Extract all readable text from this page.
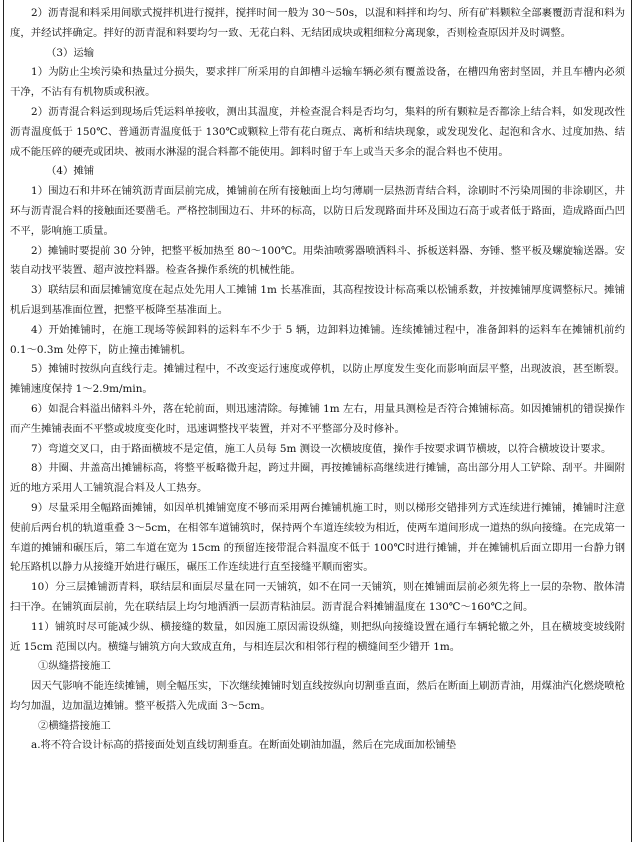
2）沥青混和料采用间歇式搅拌机进行搅拌，搅拌时间一般为 30～50s，以混和料拌和均匀、所有矿料颗粒全部裹覆沥青混和料为度，并经试拌确定。拌好的沥青混和料要均匀一致、无花白料、无结团成块或粗细粒分离现象，否则检查原因并及时调整。

（3）运输

1）为防止尘埃污染和热量过分损失，要求拌厂所采用的自卸槽斗运输车辆必须有覆盖设备，在槽四角密封坚固，并且车槽内必须干净，不沾有有机物质或积液。

2）沥青混合料运到现场后凭运料单接收，测出其温度，并检查混合料是否均匀，集料的所有颗粒是否都涂上结合料，如发现改性沥青温度低于 150℃、普通沥青温度低于 130℃或颗粒上带有花白斑点、离析和结块现象，或发现发化、起泡和含水、过度加热、结成不能压碎的硬壳或团块、被雨水淋湿的混合料都不能使用。卸料时留于车上或当天多余的混合料也不使用。

（4）摊铺

1）围边石和井环在铺筑沥青面层前完成，摊铺前在所有接触面上均匀薄刷一层热沥青结合料，涂刷时不污染周围的非涂刷区，井环与沥青混合料的接触面还要凿毛。严格控制围边石、井环的标高，以防日后发现路面井环及围边石高于或者低于路面，造成路面凸凹不平，影响施工质量。

2）摊铺时要提前 30 分钟，把整平板加热至 80～100℃。用柴油喷雾器喷洒料斗、拆板送料器、夯锤、整平板及螺旋输送器。安装自动找平装置、超声波控料器。检查各操作系统的机械性能。

3）联结层和面层摊铺宽度在起点处先用人工摊铺 1m 长基准面，其高程按设计标高乘以松铺系数，并按摊铺厚度调整标尺。摊铺机后退到基准面位置，把整平板降至基准面上。

4）开始摊铺时，在施工现场等候卸料的运料车不少于 5 辆，边卸料边摊铺。连续摊铺过程中，准备卸料的运料车在摊铺机前约 0.1～0.3m 处停下，防止撞击摊铺机。

5）摊铺时按纵向直线行走。摊铺过程中，不改变运行速度或停机，以防止厚度发生变化而影响面层平整，出现波浪，甚至断裂。摊铺速度保持 1～2.9m/min。

6）如混合料溢出储料斗外，落在轮前面，则迅速清除。每摊铺 1m 左右，用量具测检是否符合摊铺标高。如因摊铺机的错误操作而产生摊铺表面不平整或坡度变化时，迅速调整找平装置，并对不平整部分及时修补。

7）弯道交叉口，由于路面横坡不是定值，施工人员每 5m 测设一次横坡度值，操作手按要求调节横坡，以符合横坡设计要求。

8）井圈、井盖高出摊铺标高，将整平板略微升起，跨过井圈，再按摊铺标高继续进行摊铺，高出部分用人工铲除、刮平。井圈附近的地方采用人工铺筑混合料及人工热夯。

9）尽量采用全幅路面摊铺，如因单机摊铺宽度不够而采用两台摊铺机施工时，则以梯形交错排列方式连续进行摊铺，摊铺时注意使前后两台机的轨道重叠 3～5cm，在相邻车道铺筑时，保持两个车道连续较为相近，使两车道间形成一道热的纵向接缝。在完成第一车道的摊铺和碾压后，第二车道在宽为 15cm 的预留连接带混合料温度不低于 100℃时进行摊铺，并在摊铺机后面立即用一台静力钢轮压路机以静力从接缝开始进行碾压，碾压工作连续进行直至接缝平顺而密实。

10）分三层摊铺沥青料，联结层和面层尽量在同一天铺筑，如不在同一天铺筑，则在摊铺面层前必须先将上一层的杂物、散体清扫干净。在铺筑面层前，先在联结层上均匀地洒洒一层沥青粘油层。沥青混合料摊铺温度在 130℃～160℃之间。

11）铺筑时尽可能减少纵、横接缝的数量，如因施工原因需设纵缝，则把纵向接缝设置在通行车辆轮辙之外，且在横坡变坡线附近 15cm 范围以内。横缝与铺筑方向大致成直角，与相连层次和相邻行程的横缝间至少错开 1m。

①纵缝搭接施工

因天气影响不能连续摊铺，则全幅压实，下次继续摊铺时划直线按纵向切割垂直面，然后在断面上刷沥青油，用煤油汽化燃烧喷枪均匀加温，边加温边摊铺。整平板搭入先成面 3～5cm。

②横缝搭接施工

a.将不符合设计标高的搭接面处划直线切割垂直。在断面处刷油加温，然后在完成面加松铺垫
